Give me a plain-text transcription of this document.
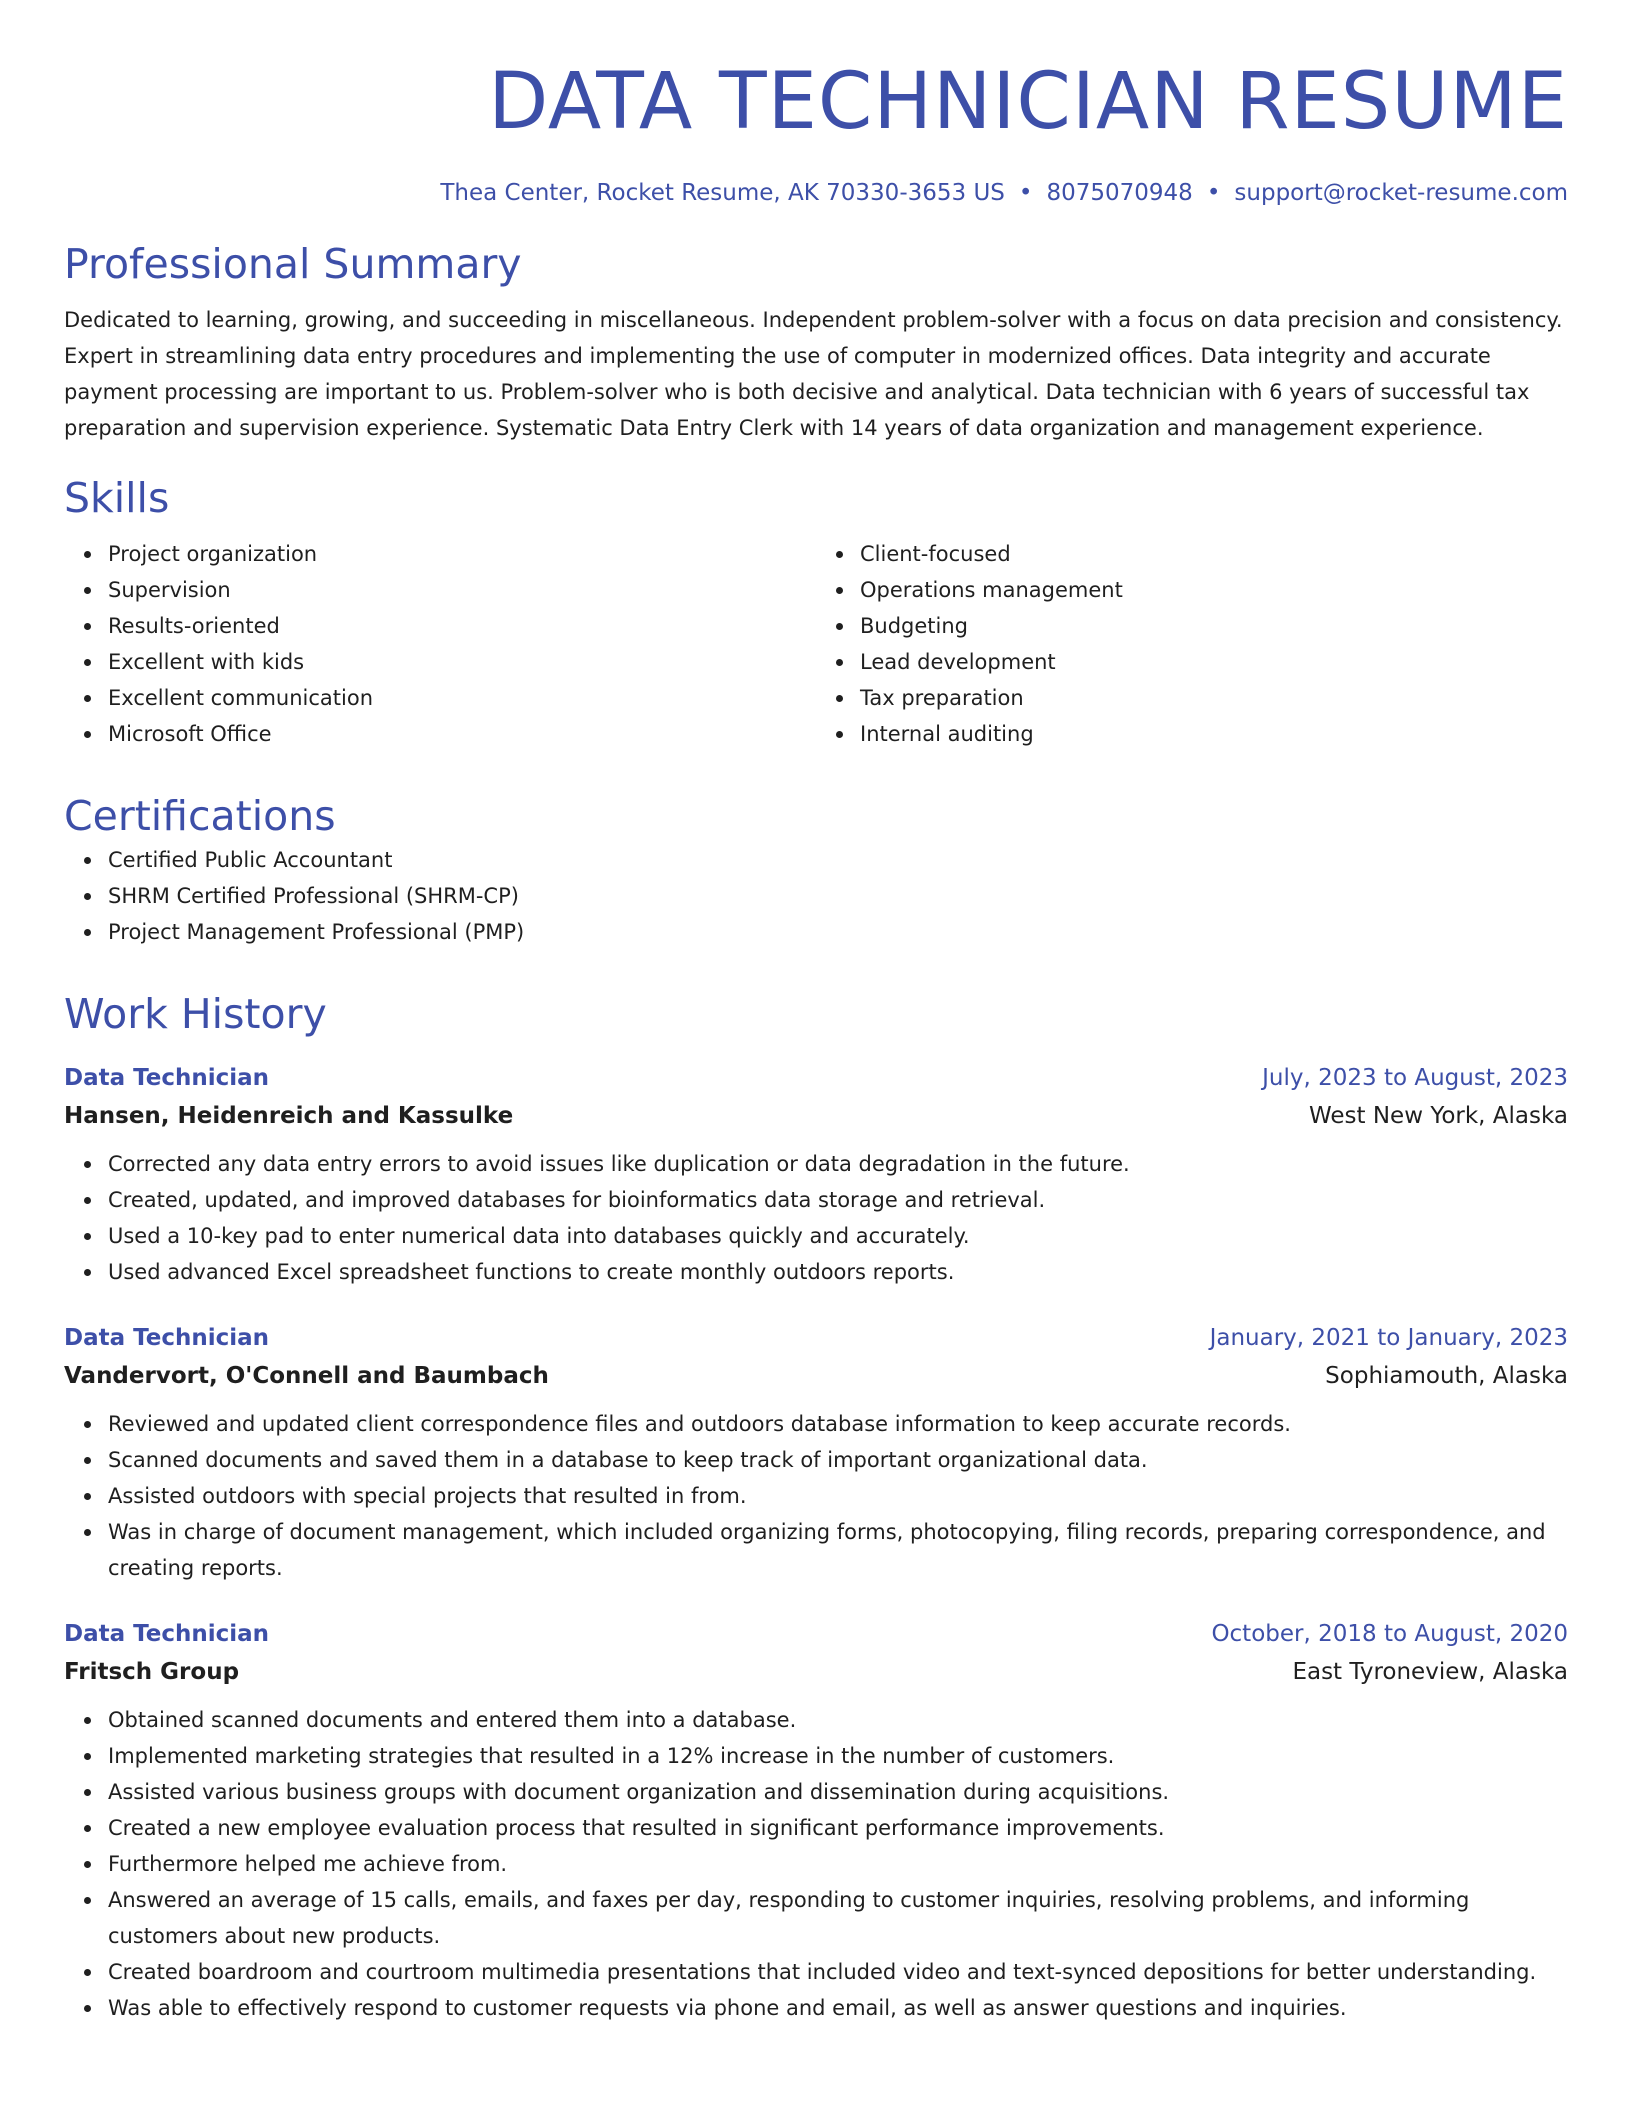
DATA TECHNICIAN RESUME
Thea Center, Rocket Resume, AK 70330-3653 US • 8075070948 • support@rocket-resume.com
Professional Summary

Dedicated to learning, growing, and succeeding in miscellaneous. Independent problem-solver with a focus on data precision and consistency. Expert in streamlining data entry procedures and implementing the use of computer in modernized offices. Data integrity and accurate payment processing are important to us. Problem-solver who is both decisive and analytical. Data technician with 6 years of successful tax preparation and supervision experience. Systematic Data Entry Clerk with 14 years of data organization and management experience.

Skills
Project organization
Supervision
Results-oriented
Excellent with kids
Excellent communication
Microsoft Office
Client-focused
Operations management
Budgeting
Lead development
Tax preparation
Internal auditing
Certifications
Certified Public Accountant
SHRM Certified Professional (SHRM-CP)
Project Management Professional (PMP)
Work History
Data Technician	July, 2023 to August, 2023
Hansen, Heidenreich and Kassulke	West New York, Alaska
Corrected any data entry errors to avoid issues like duplication or data degradation in the future.
Created, updated, and improved databases for bioinformatics data storage and retrieval.
Used a 10-key pad to enter numerical data into databases quickly and accurately.
Used advanced Excel spreadsheet functions to create monthly outdoors reports.
Data Technician	January, 2021 to January, 2023
Vandervort, O'Connell and Baumbach	Sophiamouth, Alaska
Reviewed and updated client correspondence files and outdoors database information to keep accurate records.
Scanned documents and saved them in a database to keep track of important organizational data.
Assisted outdoors with special projects that resulted in from.
Was in charge of document management, which included organizing forms, photocopying, filing records, preparing correspondence, and creating reports.
Data Technician	October, 2018 to August, 2020
Fritsch Group	East Tyroneview, Alaska
Obtained scanned documents and entered them into a database.
Implemented marketing strategies that resulted in a 12% increase in the number of customers.
Assisted various business groups with document organization and dissemination during acquisitions.
Created a new employee evaluation process that resulted in significant performance improvements.
Furthermore helped me achieve from.
Answered an average of 15 calls, emails, and faxes per day, responding to customer inquiries, resolving problems, and informing customers about new products.
Created boardroom and courtroom multimedia presentations that included video and text-synced depositions for better understanding.
Was able to effectively respond to customer requests via phone and email, as well as answer questions and inquiries.
